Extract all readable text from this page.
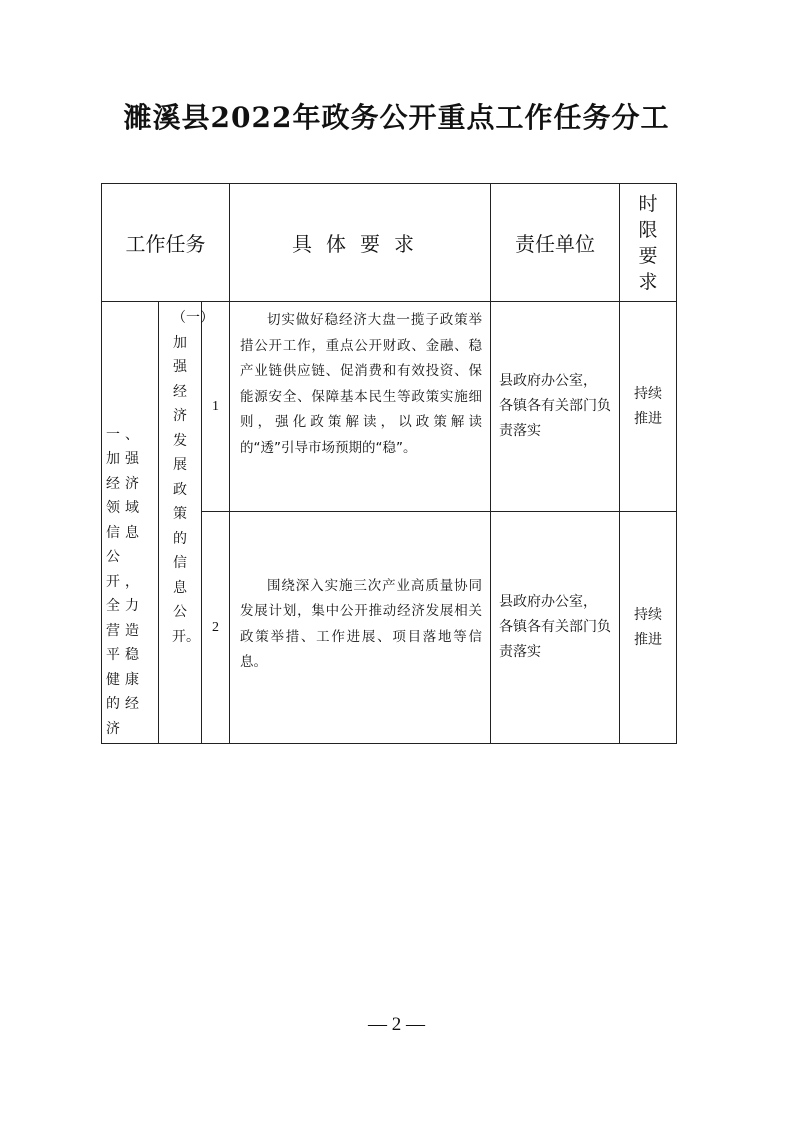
濉溪县2022年政务公开重点工作任务分工
工作任务			具体要求	责任单位	时限要求

一、加强经济领域信息公开，全力营造平稳健康的经济	（一）加强经济发展政策的信息公开。	1	切实做好稳经济大盘一揽子政策举措公开工作，重点公开财政、金融、稳产业链供应链、促消费和有效投资、保能源安全、保障基本民生等政策实施细则，强化政策解读，以政策解读的“透”引导市场预期的“稳”。	县政府办公室，
各镇各有关部门负责落实	持续推进

		2	围绕深入实施三次产业高质量协同发展计划，集中公开推动经济发展相关政策举措、工作进展、项目落地等信息。	县政府办公室，
各镇各有关部门负责落实	持续推进
— 2 —
